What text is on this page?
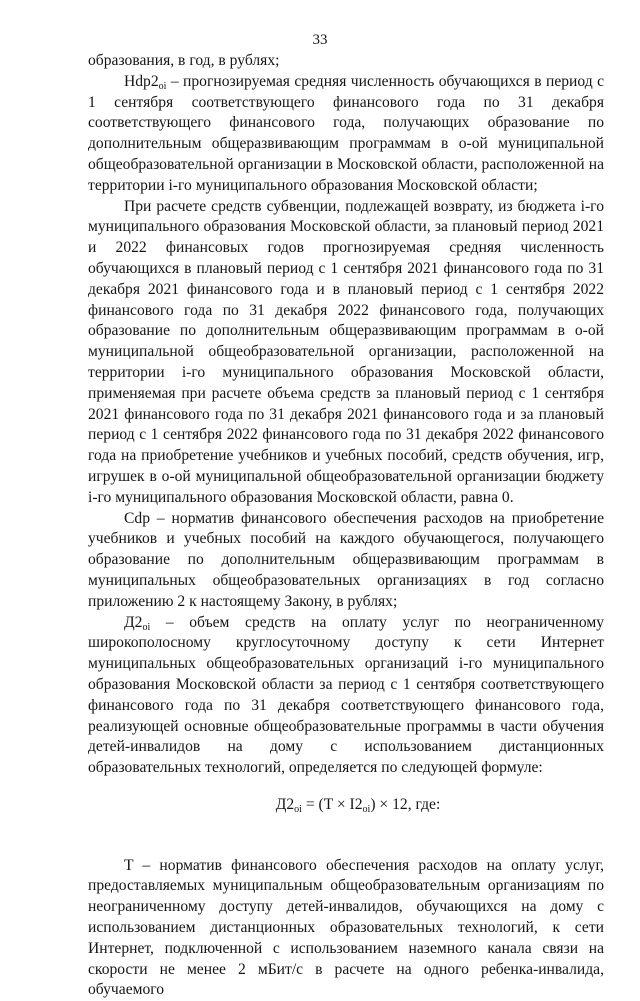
33

образования, в год, в рублях;

$Hdp2_{oi}$ – прогнозируемая средняя численность обучающихся в период с 1 сентября соответствующего финансового года по 31 декабря соответствующего финансового года, получающих образование по дополнительным общеразвивающим программам в o-ой муниципальной общеобразовательной организации в Московской области, расположенной на территории i-го муниципального образования Московской области;

При расчете средств субвенции, подлежащей возврату, из бюджета i-го муниципального образования Московской области, за плановый период 2021 и 2022 финансовых годов прогнозируемая средняя численность обучающихся в плановый период с 1 сентября 2021 финансового года по 31 декабря 2021 финансового года и в плановый период с 1 сентября 2022 финансового года по 31 декабря 2022 финансового года, получающих образование по дополнительным общеразвивающим программам в o-ой муниципальной общеобразовательной организации, расположенной на территории i-го муниципального образования Московской области, применяемая при расчете объема средств за плановый период с 1 сентября 2021 финансового года по 31 декабря 2021 финансового года и за плановый период с 1 сентября 2022 финансового года по 31 декабря 2022 финансового года на приобретение учебников и учебных пособий, средств обучения, игр, игрушек в o-ой муниципальной общеобразовательной организации бюджету i-го муниципального образования Московской области, равна 0.

Cdp – норматив финансового обеспечения расходов на приобретение учебников и учебных пособий на каждого обучающегося, получающего образование по дополнительным общеразвивающим программам в муниципальных общеобразовательных организациях в год согласно приложению 2 к настоящему Закону, в рублях;

$Д2_{oi}$ – объем средств на оплату услуг по неограниченному широкополосному круглосуточному доступу к сети Интернет муниципальных общеобразовательных организаций i-го муниципального образования Московской области за период с 1 сентября соответствующего финансового года по 31 декабря соответствующего финансового года, реализующей основные общеобразовательные программы в части обучения детей-инвалидов на дому с использованием дистанционных образовательных технологий, определяется по следующей формуле:

$Д2_{oi} = (T \times I2_{oi}) \times 12$, где:

T – норматив финансового обеспечения расходов на оплату услуг, предоставляемых муниципальным общеобразовательным организациям по неограниченному доступу детей-инвалидов, обучающихся на дому с использованием дистанционных образовательных технологий, к сети Интернет, подключенной с использованием наземного канала связи на скорости не менее 2 мБит/с в расчете на одного ребенка-инвалида, обучаемого
